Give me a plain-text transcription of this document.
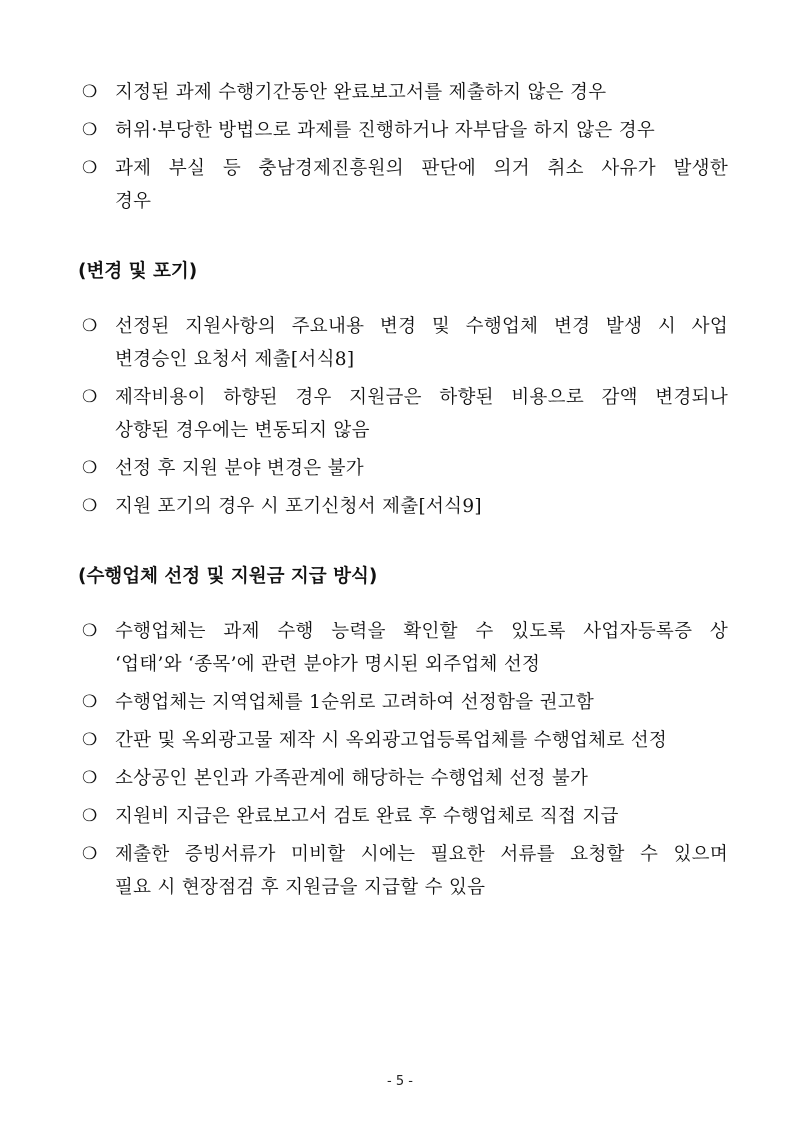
❍ 지정된 과제 수행기간동안 완료보고서를 제출하지 않은 경우
❍ 허위·부당한 방법으로 과제를 진행하거나 자부담을 하지 않은 경우
❍ 과제 부실 등 충남경제진흥원의 판단에 의거 취소 사유가 발생한
경우
(변경 및 포기)
❍ 선정된 지원사항의 주요내용 변경 및 수행업체 변경 발생 시 사업
변경승인 요청서 제출[서식8]
❍ 제작비용이 하향된 경우 지원금은 하향된 비용으로 감액 변경되나
상향된 경우에는 변동되지 않음
❍ 선정 후 지원 분야 변경은 불가
❍ 지원 포기의 경우 시 포기신청서 제출[서식9]
(수행업체 선정 및 지원금 지급 방식)
❍ 수행업체는 과제 수행 능력을 확인할 수 있도록 사업자등록증 상
‘업태’와 ‘종목’에 관련 분야가 명시된 외주업체 선정
❍ 수행업체는 지역업체를 1순위로 고려하여 선정함을 권고함
❍ 간판 및 옥외광고물 제작 시 옥외광고업등록업체를 수행업체로 선정
❍ 소상공인 본인과 가족관계에 해당하는 수행업체 선정 불가
❍ 지원비 지급은 완료보고서 검토 완료 후 수행업체로 직접 지급
❍ 제출한 증빙서류가 미비할 시에는 필요한 서류를 요청할 수 있으며
필요 시 현장점검 후 지원금을 지급할 수 있음
- 5 -
